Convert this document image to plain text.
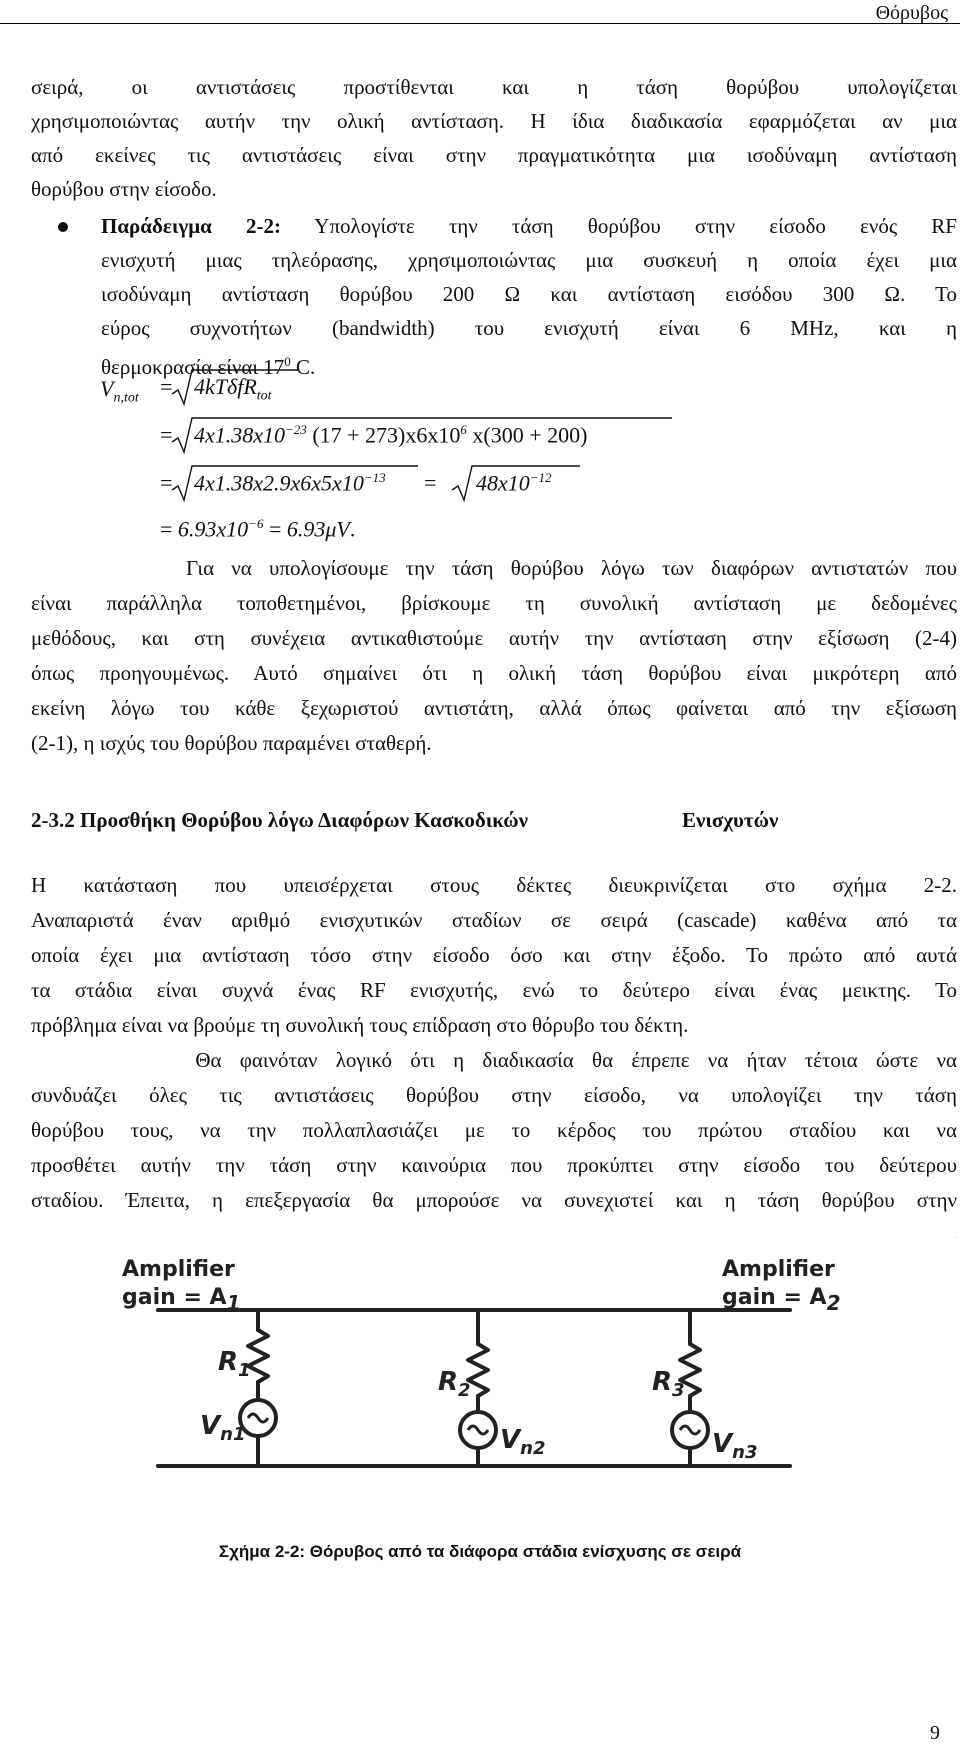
Θόρυβος

σειρά, οι αντιστάσεις προστίθενται και η τάση θορύβου υπολογίζεται

χρησιμοποιώντας αυτήν την ολική αντίσταση. Η ίδια διαδικασία εφαρμόζεται αν μια

από εκείνες τις αντιστάσεις είναι στην πραγματικότητα μια ισοδύναμη αντίσταση

θορύβου στην είσοδο.

Παράδειγμα 2-2: Υπολογίστε την τάση θορύβου στην είσοδο ενός RF

ενισχυτή μιας τηλεόρασης, χρησιμοποιώντας μια συσκευή η οποία έχει μια

ισοδύναμη αντίσταση θορύβου 200 Ω και αντίσταση εισόδου 300 Ω. Το

εύρος συχνοτήτων (bandwidth) του ενισχυτή είναι 6 MHz, και η

θερμοκρασία είναι $17^0$ C.

$V_{n,tot} = 4kT\delta fR_{tot}$
= $4x1.38x10^{-23}$ $(17 + 273)x6x10^6$ x(300 + 200)
= $4x1.38x2.9x6x5x10^{-13} = 48x10^{-12}$
= $6.93x10^{-6} = 6.93\mu V$.

Για να υπολογίσουμε την τάση θορύβου λόγω των διαφόρων αντιστατών που

είναι παράλληλα τοποθετημένοι, βρίσκουμε τη συνολική αντίσταση με δεδομένες

μεθόδους, και στη συνέχεια αντικαθιστούμε αυτήν την αντίσταση στην εξίσωση (2-4)

όπως προηγουμένως. Αυτό σημαίνει ότι η ολική τάση θορύβου είναι μικρότερη από

εκείνη λόγω του κάθε ξεχωριστού αντιστάτη, αλλά όπως φαίνεται από την εξίσωση

(2-1), η ισχύς του θορύβου παραμένει σταθερή.

2-3.2 Προσθήκη Θορύβου λόγω Διαφόρων Κασκοδικών	Ενισχυτών

Η κατάσταση που υπεισέρχεται στους δέκτες διευκρινίζεται στο σχήμα 2-2.

Αναπαριστά έναν αριθμό ενισχυτικών σταδίων σε σειρά (cascade) καθένα από τα

οποία έχει μια αντίσταση τόσο στην είσοδο όσο και στην έξοδο. Το πρώτο από αυτά

τα στάδια είναι συχνά ένας RF ενισχυτής, ενώ το δεύτερο είναι ένας μεικτης. Το

πρόβλημα είναι να βρούμε τη συνολική τους επίδραση στο θόρυβο του δέκτη.

Θα φαινόταν λογικό ότι η διαδικασία θα έπρεπε να ήταν τέτοια ώστε να

συνδυάζει όλες τις αντιστάσεις θορύβου στην είσοδο, να υπολογίζει την τάση

θορύβου τους, να την πολλαπλασιάζει με το κέρδος του πρώτου σταδίου και να

προσθέτει αυτήν την τάση στην καινούρια που προκύπτει στην είσοδο του δεύτερου

σταδίου. Έπειτα, η επεξεργασία θα μπορούσε να συνεχιστεί και η τάση θορύβου στην

Amplifier
gain = A1
Amplifier
gain = A2
$R_1$	$R_2$	$R_3$
$V_{n1}$	$V_{n2}$	$V_{n3}$
Σχήμα 2-2: Θόρυβος από τα διάφορα στάδια ενίσχυσης σε σειρά
9
